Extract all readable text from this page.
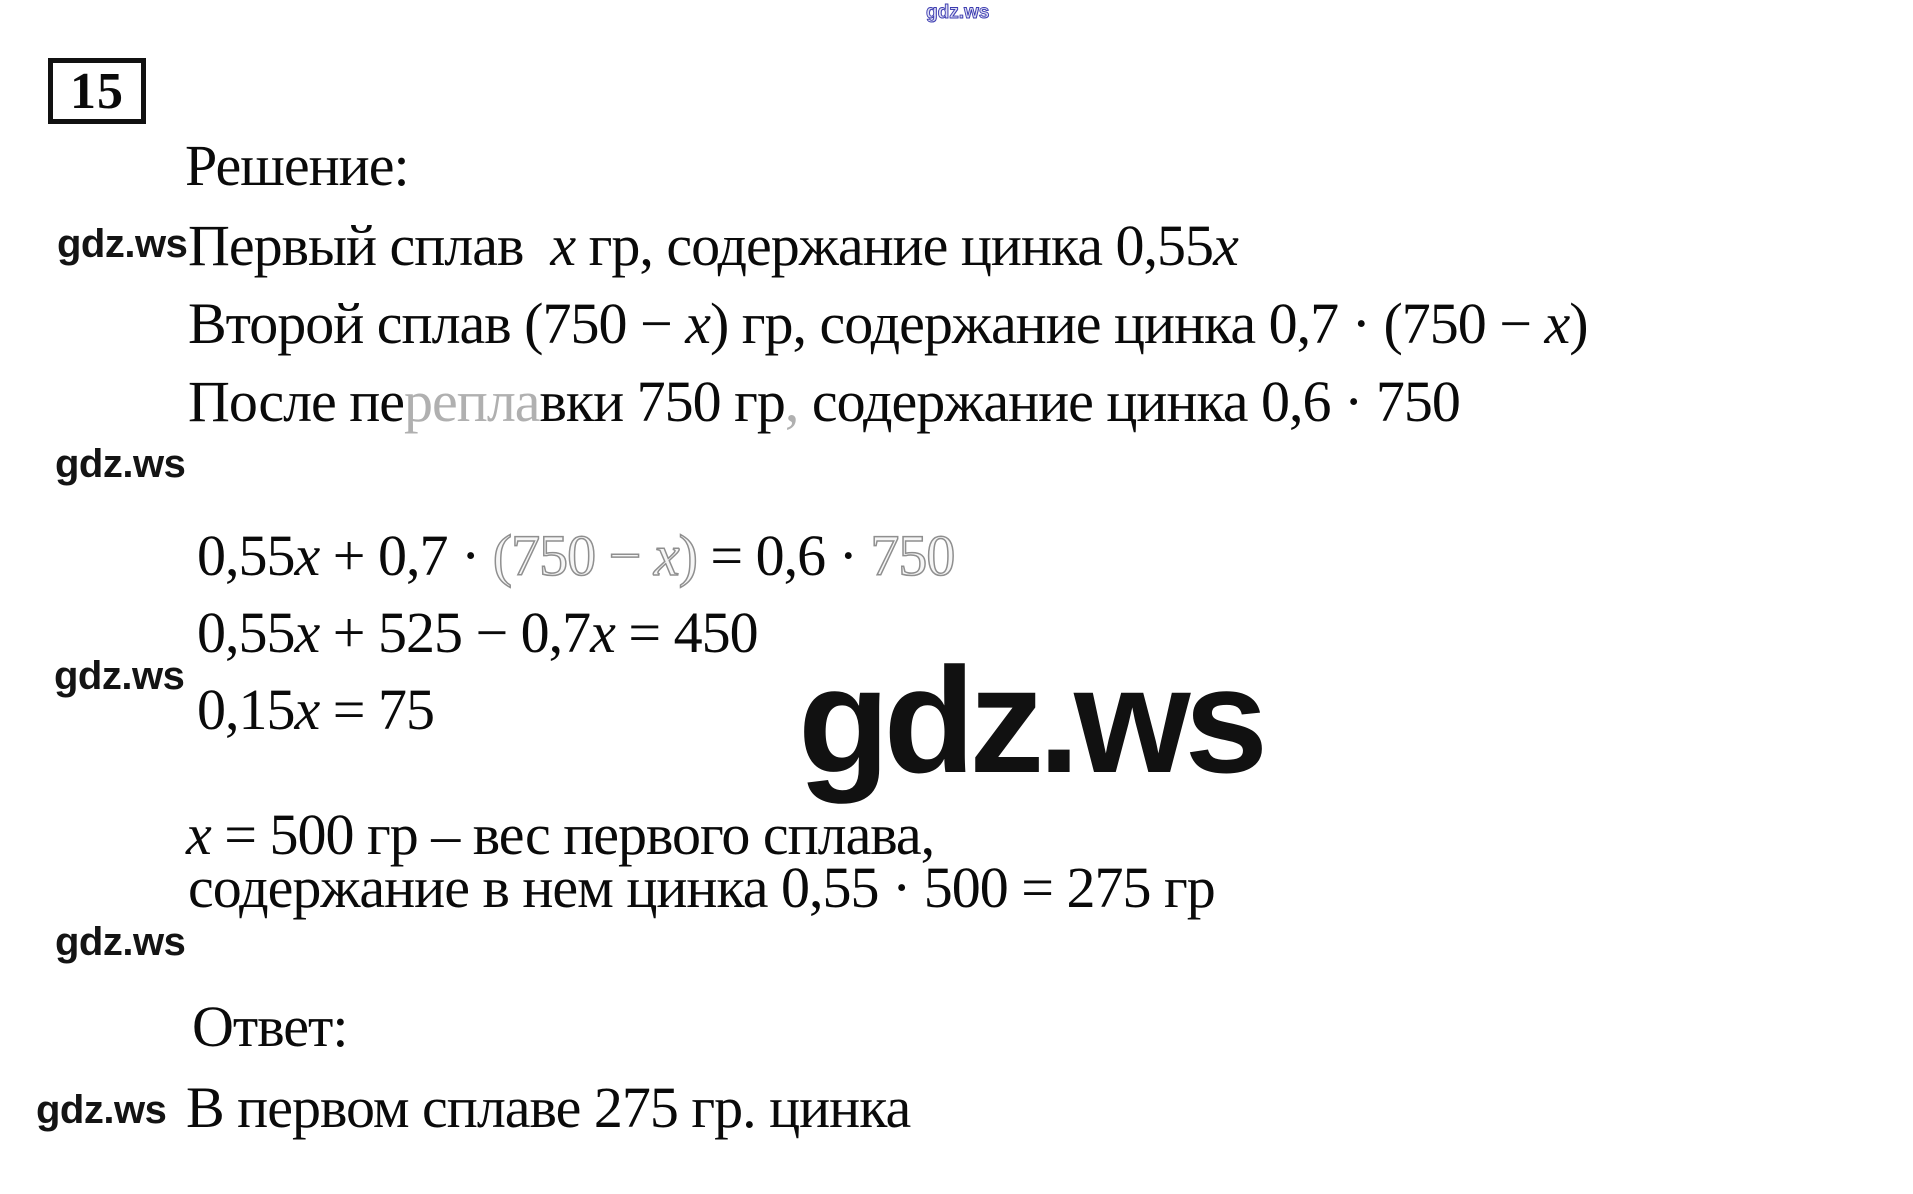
gdz.ws
15
Решение:
Первый сплав  x гр, содержание цинка 0,55x
Второй сплав (750 − x) гр, содержание цинка 0,7 · (750 − x)
После переплавки 750 гр, содержание цинка 0,6 · 750
0,55x + 0,7 · (750 − x) = 0,6 · 750
0,55x + 525 − 0,7x = 450
0,15x = 75
x = 500 гр – вес первого сплава,
содержание в нем цинка 0,55 · 500 = 275 гр
Ответ:
В первом сплаве 275 гр. цинка
gdz.ws
gdz.ws
gdz.ws
gdz.ws
gdz.ws
gdz.ws
